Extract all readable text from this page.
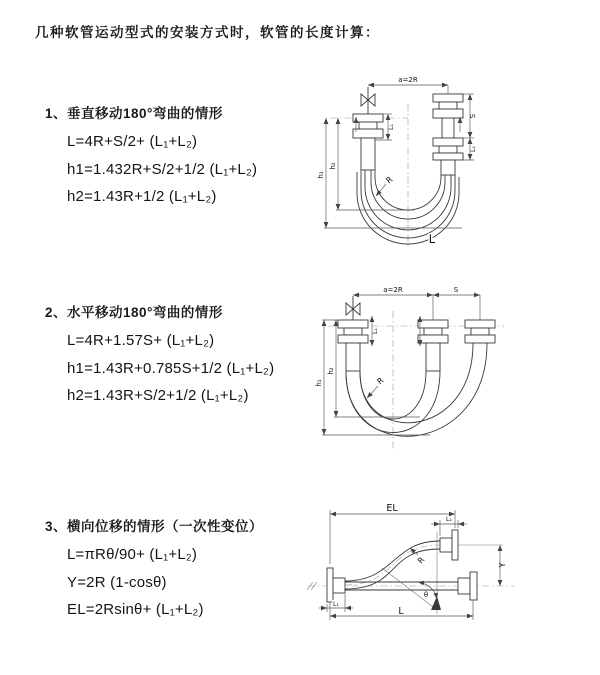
几种软管运动型式的安装方式时，软管的长度计算：
1、垂直移动180°弯曲的情形
L=4R+S/2+ (L₁+L₂)
h1=1.432R+S/2+1/2 (L₁+L₂)
h2=1.43R+1/2 (L₁+L₂)
2、水平移动180°弯曲的情形
L=4R+1.57S+ (L₁+L₂)
h1=1.43R+0.785S+1/2 (L₁+L₂)
h2=1.43R+S/2+1/2 (L₁+L₂)
3、横向位移的情形（一次性变位）
L=πRθ/90+ (L₁+L₂)
Y=2R (1-cosθ)
EL=2Rsinθ+ (L₁+L₂)
a=2R
h₁
h₂
L₁
S
L₁
R
L
a=2R	S
h₁
h₂
L₁
R
EL
L₁
Y
R
θ
L
L₁
